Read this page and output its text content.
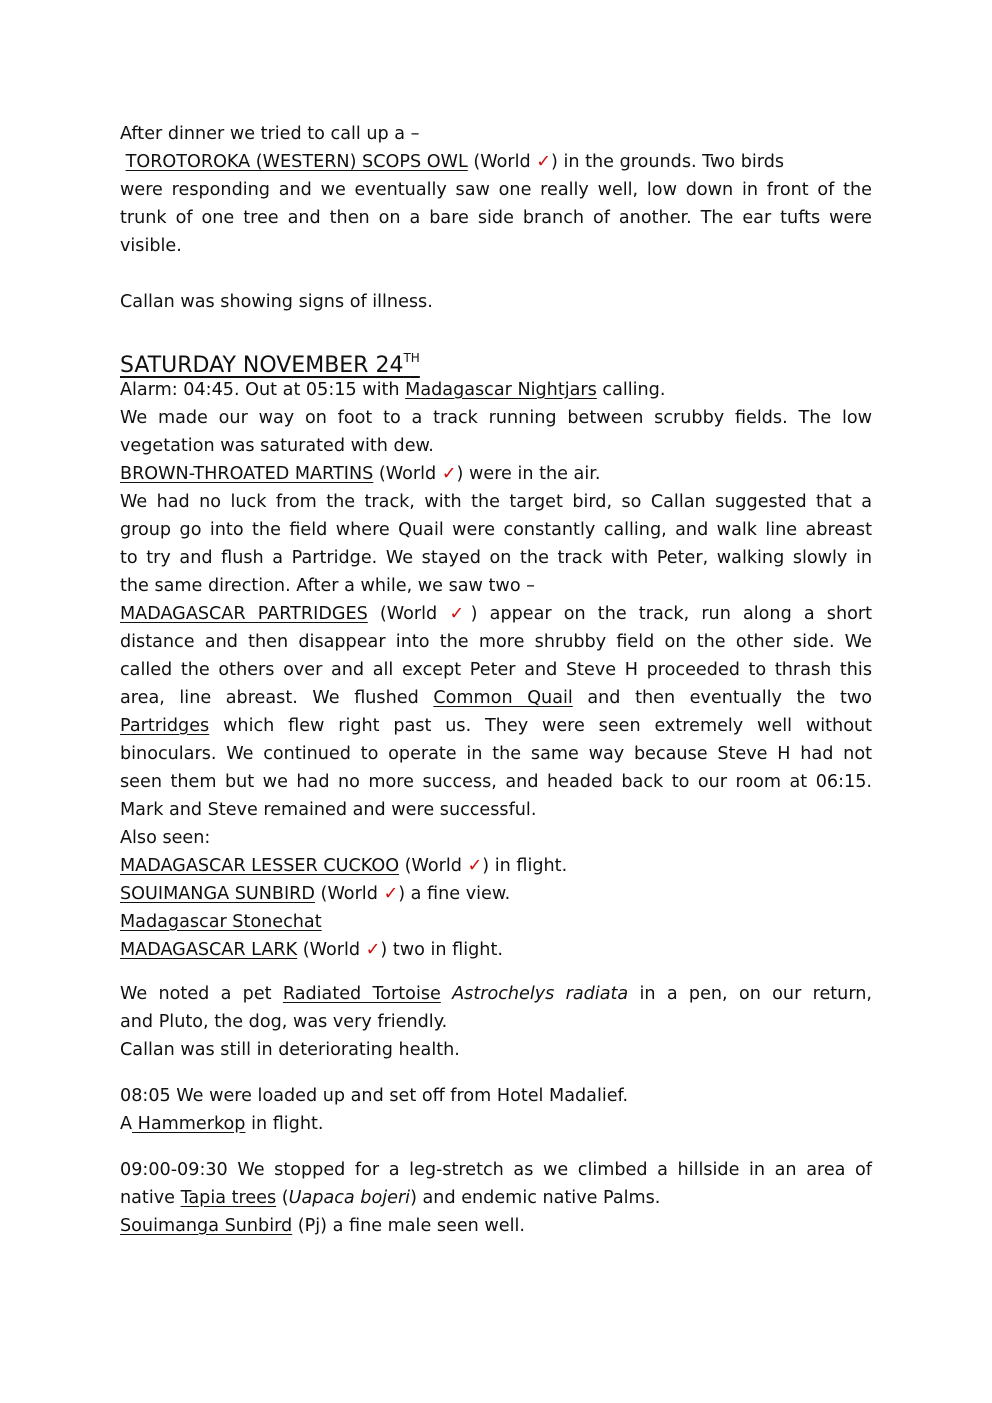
After dinner we tried to call up a –
TOROTOROKA (WESTERN) SCOPS OWL (World ✓) in the grounds. Two birds
were responding and we eventually saw one really well, low down in front of the
trunk of one tree and then on a bare side branch of another. The ear tufts were
visible.
Callan was showing signs of illness.
SATURDAY NOVEMBER 24TH
Alarm: 04:45. Out at 05:15 with Madagascar Nightjars calling.
We made our way on foot to a track running between scrubby fields. The low
vegetation was saturated with dew.
BROWN-THROATED MARTINS (World ✓) were in the air.
We had no luck from the track, with the target bird, so Callan suggested that a
group go into the field where Quail were constantly calling, and walk line abreast
to try and flush a Partridge. We stayed on the track with Peter, walking slowly in
the same direction. After a while, we saw two –
MADAGASCAR PARTRIDGES (World ✓) appear on the track, run along a short
distance and then disappear into the more shrubby field on the other side. We
called the others over and all except Peter and Steve H proceeded to thrash this
area, line abreast. We flushed Common Quail and then eventually the two
Partridges which flew right past us. They were seen extremely well without
binoculars. We continued to operate in the same way because Steve H had not
seen them but we had no more success, and headed back to our room at 06:15.
Mark and Steve remained and were successful.
Also seen:
MADAGASCAR LESSER CUCKOO (World ✓) in flight.
SOUIMANGA SUNBIRD (World ✓) a fine view.
Madagascar Stonechat
MADAGASCAR LARK (World ✓) two in flight.
We noted a pet Radiated Tortoise Astrochelys radiata in a pen, on our return,
and Pluto, the dog, was very friendly.
Callan was still in deteriorating health.
08:05 We were loaded up and set off from Hotel Madalief.
A Hammerkop in flight.
09:00-09:30 We stopped for a leg-stretch as we climbed a hillside in an area of
native Tapia trees (Uapaca bojeri) and endemic native Palms.
Souimanga Sunbird (Pj) a fine male seen well.
